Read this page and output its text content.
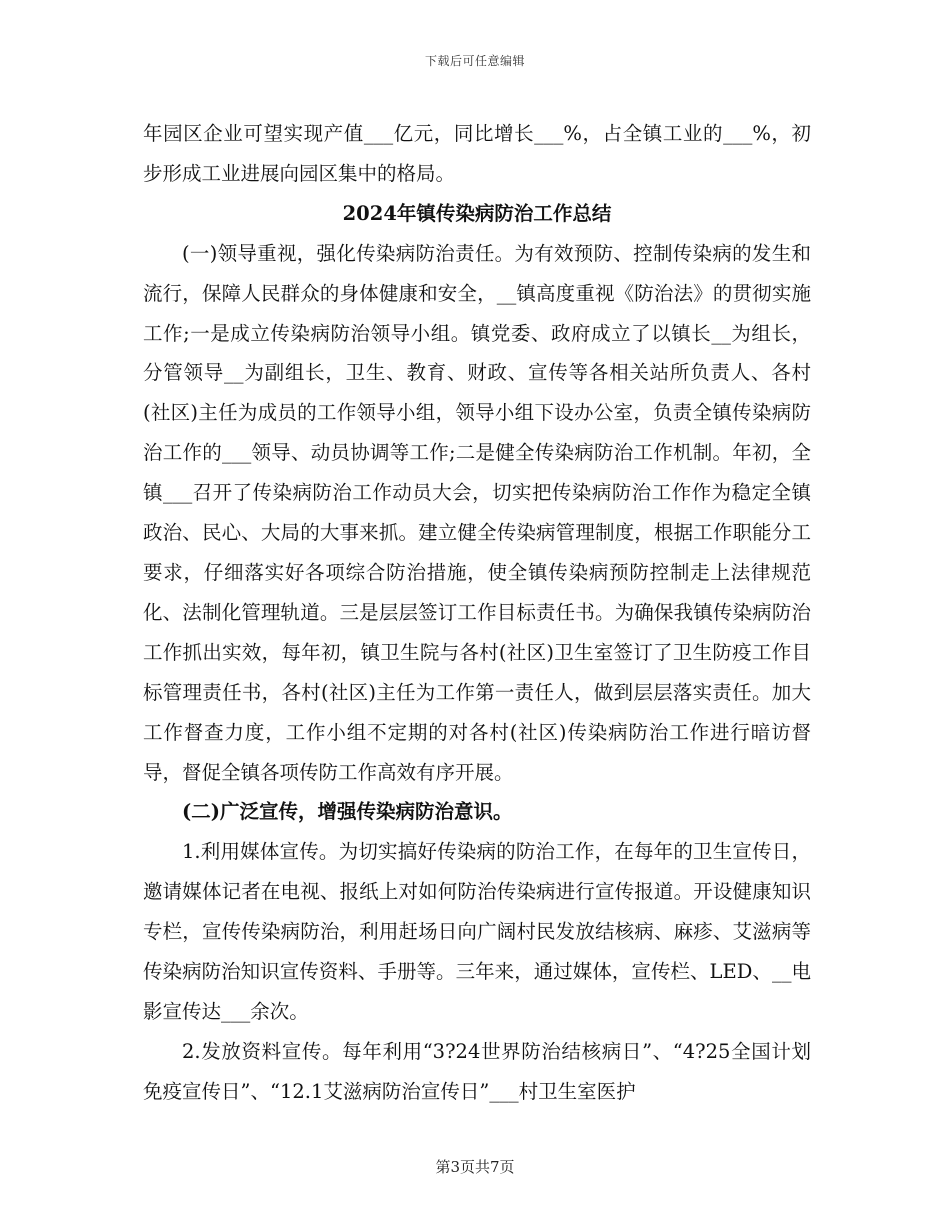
下载后可任意编辑

年园区企业可望实现产值___亿元，同比增长___%，占全镇工业的___%，初步形成工业进展向园区集中的格局。

2024年镇传染病防治工作总结

(一)领导重视，强化传染病防治责任。为有效预防、控制传染病的发生和流行，保障人民群众的身体健康和安全，__镇高度重视《防治法》的贯彻实施工作;一是成立传染病防治领导小组。镇党委、政府成立了以镇长__为组长，分管领导__为副组长，卫生、教育、财政、宣传等各相关站所负责人、各村(社区)主任为成员的工作领导小组，领导小组下设办公室，负责全镇传染病防治工作的___领导、动员协调等工作;二是健全传染病防治工作机制。年初，全镇___召开了传染病防治工作动员大会，切实把传染病防治工作作为稳定全镇政治、民心、大局的大事来抓。建立健全传染病管理制度，根据工作职能分工要求，仔细落实好各项综合防治措施，使全镇传染病预防控制走上法律规范化、法制化管理轨道。三是层层签订工作目标责任书。为确保我镇传染病防治工作抓出实效，每年初，镇卫生院与各村(社区)卫生室签订了卫生防疫工作目标管理责任书，各村(社区)主任为工作第一责任人，做到层层落实责任。加大工作督查力度，工作小组不定期的对各村(社区)传染病防治工作进行暗访督导，督促全镇各项传防工作高效有序开展。

(二)广泛宣传，增强传染病防治意识。

1.利用媒体宣传。为切实搞好传染病的防治工作，在每年的卫生宣传日，邀请媒体记者在电视、报纸上对如何防治传染病进行宣传报道。开设健康知识专栏，宣传传染病防治，利用赶场日向广阔村民发放结核病、麻疹、艾滋病等传染病防治知识宣传资料、手册等。三年来，通过媒体，宣传栏、LED、__电影宣传达___余次。

2.发放资料宣传。每年利用“3?24世界防治结核病日”、“4?25全国计划免疫宣传日”、“12.1艾滋病防治宣传日”___村卫生室医护

第3页共7页
